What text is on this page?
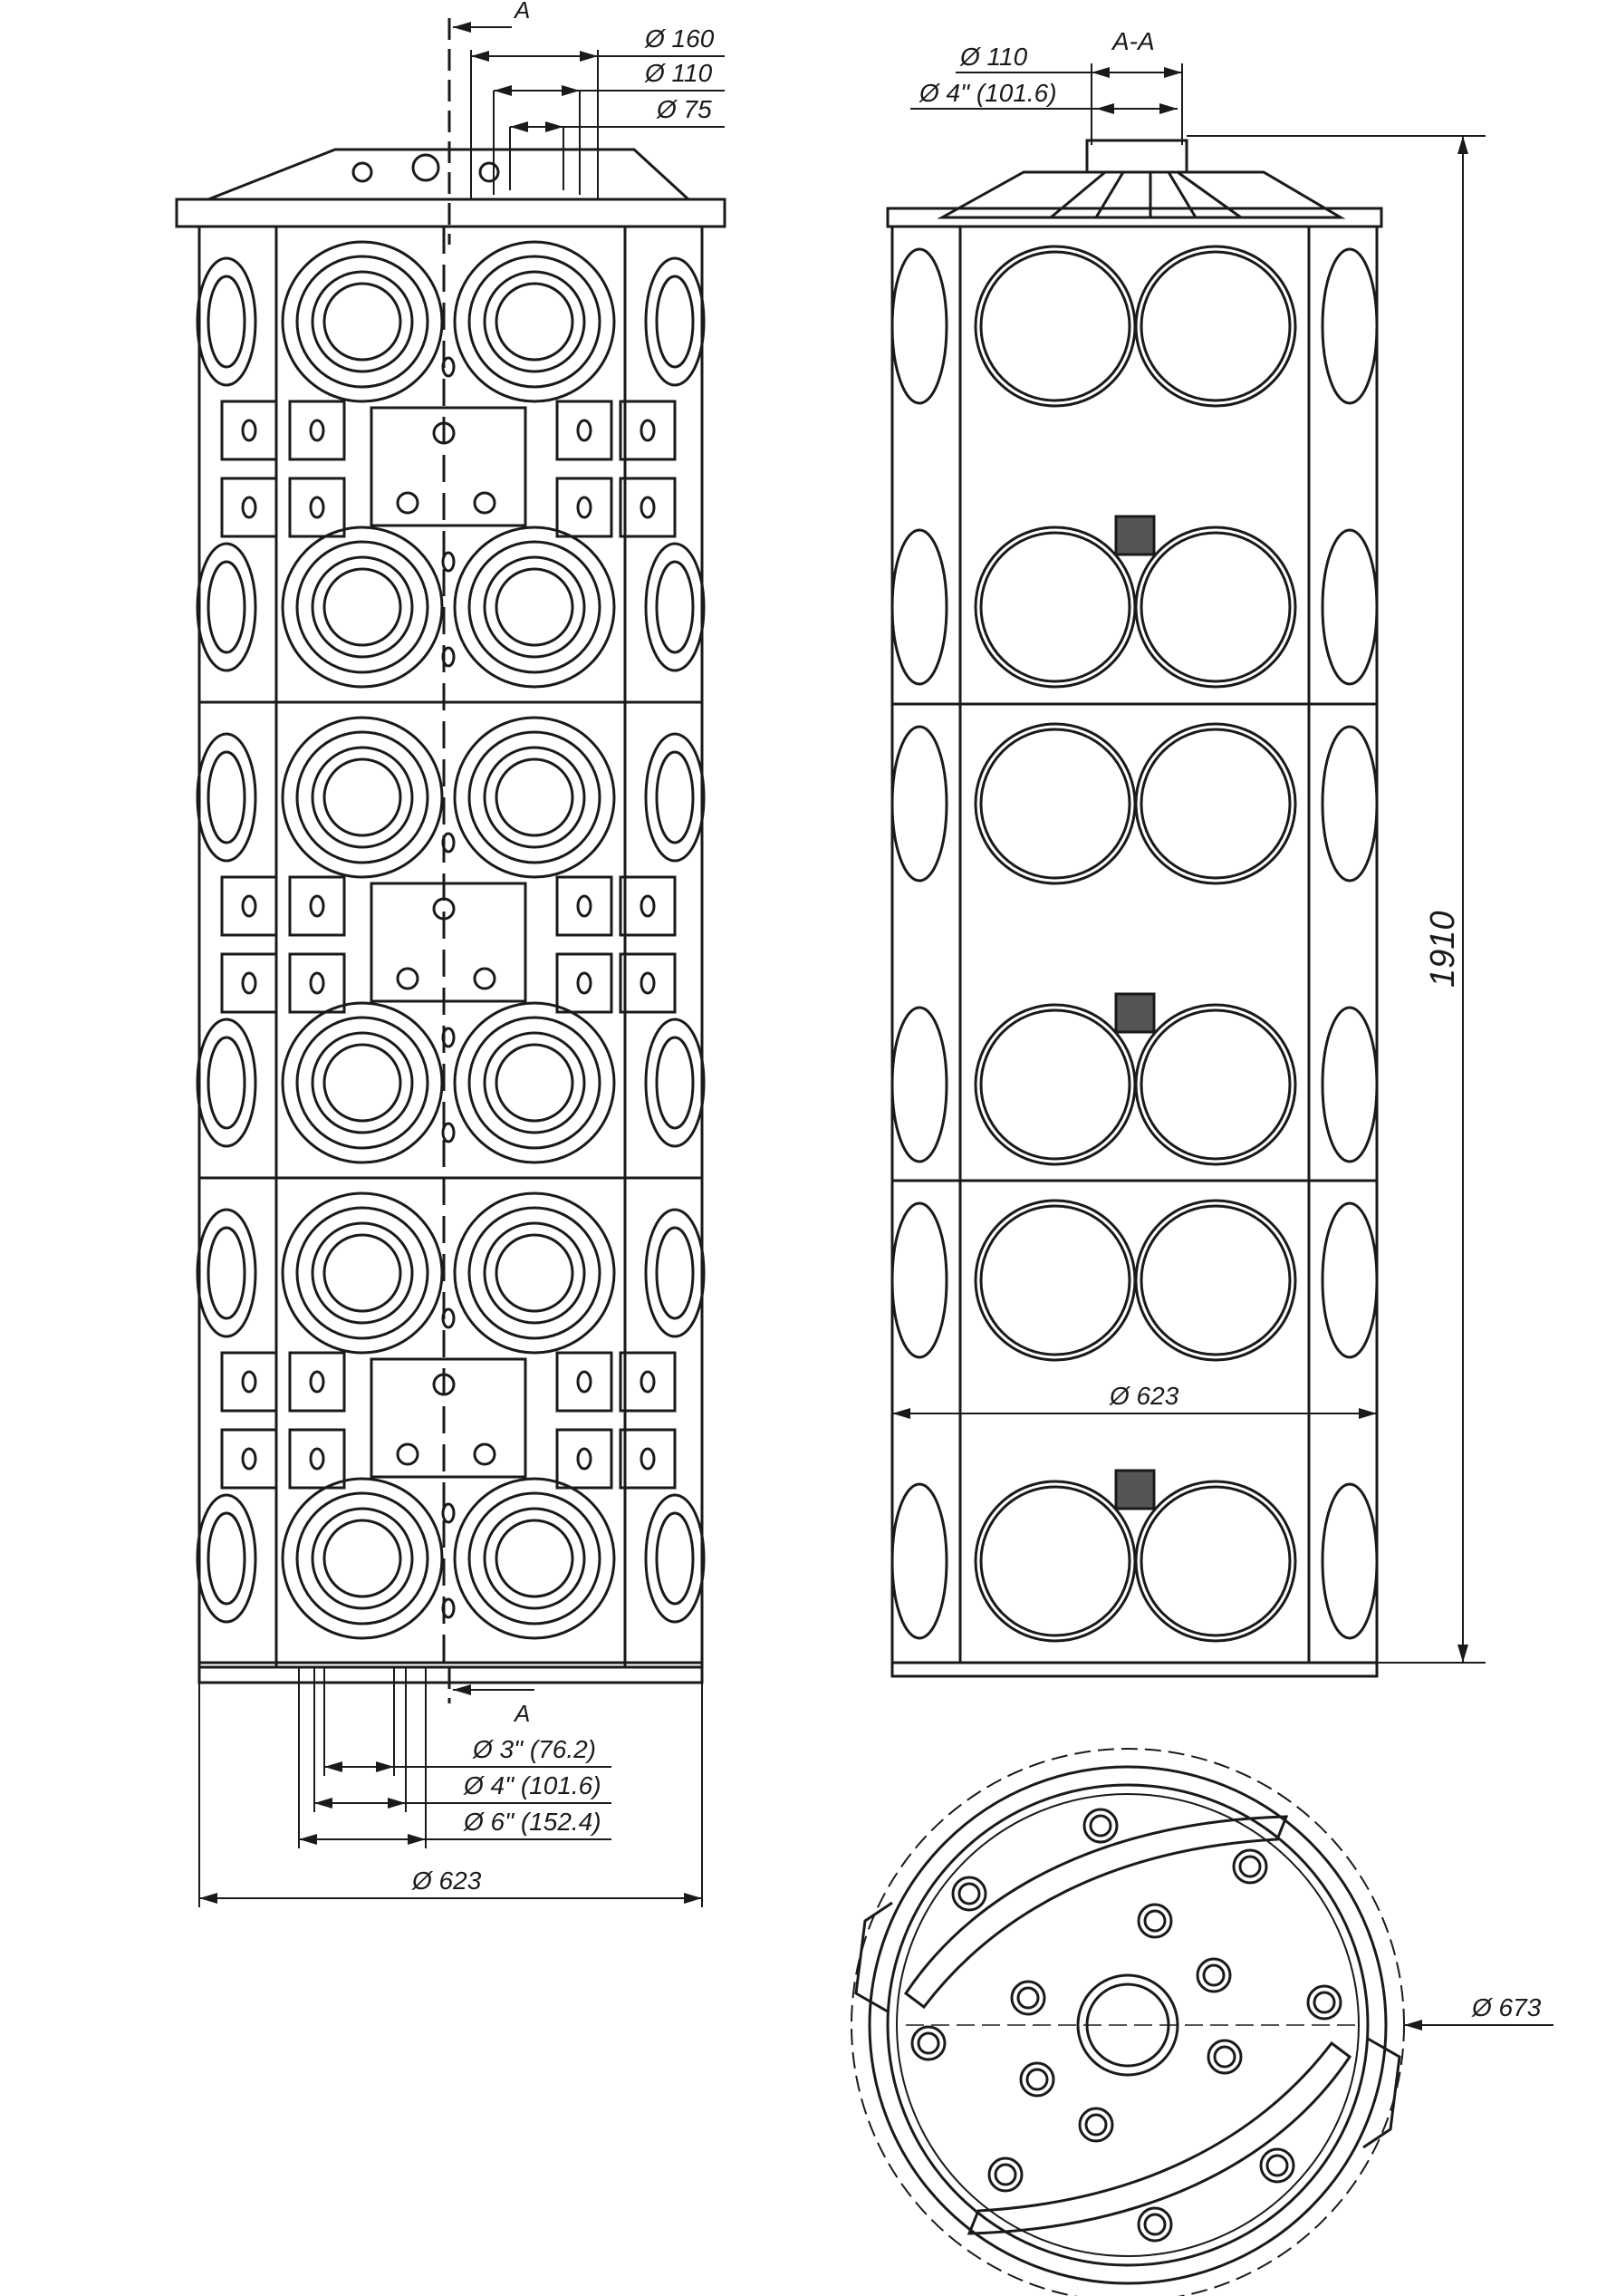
A
Ø 160
Ø 110
Ø 75
A
Ø 3" (76.2)
Ø 4" (101.6)
Ø 6" (152.4)
Ø 623
A-A
Ø 110
Ø 4" (101.6)
1910
Ø 623
Ø 673
